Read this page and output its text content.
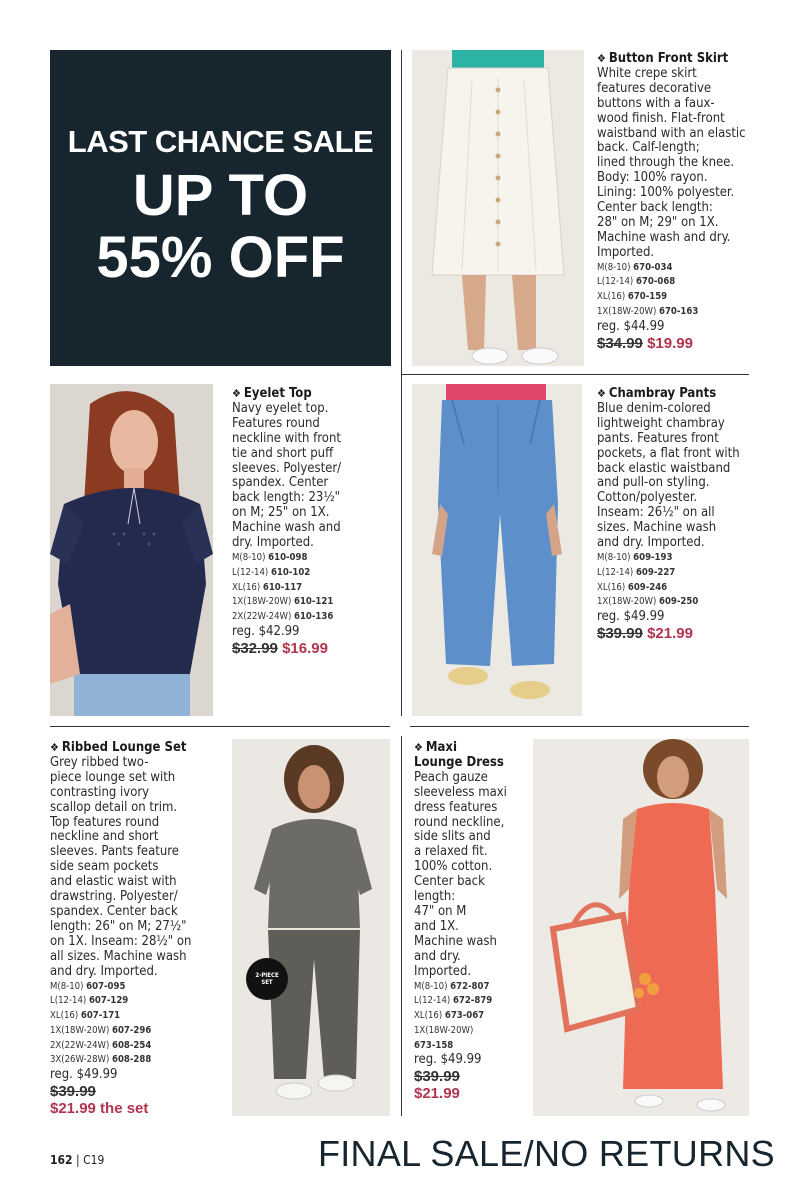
LAST CHANCE SALE
UP TO
55% OFF
❖ Button Front Skirt
White crepe skirt
features decorative
buttons with a faux-
wood finish. Flat-front
waistband with an elastic
back. Calf-length;
lined through the knee.
Body: 100% rayon.
Lining: 100% polyester.
Center back length:
28" on M; 29" on 1X.
Machine wash and dry.
Imported.
M(8-10) 670-034
L(12-14) 670-068
XL(16) 670-159
1X(18W-20W) 670-163
reg. $44.99
$34.99 $19.99
❖ Eyelet Top
Navy eyelet top.
Features round
neckline with front
tie and short puff
sleeves. Polyester/
spandex. Center
back length: 23½"
on M; 25" on 1X.
Machine wash and
dry. Imported.
M(8-10) 610-098
L(12-14) 610-102
XL(16) 610-117
1X(18W-20W) 610-121
2X(22W-24W) 610-136
reg. $42.99
$32.99 $16.99
❖ Chambray Pants
Blue denim-colored
lightweight chambray
pants. Features front
pockets, a flat front with
back elastic waistband
and pull-on styling.
Cotton/polyester.
Inseam: 26½" on all
sizes. Machine wash
and dry. Imported.
M(8-10) 609-193
L(12-14) 609-227
XL(16) 609-246
1X(18W-20W) 609-250
reg. $49.99
$39.99 $21.99
❖ Ribbed Lounge Set
Grey ribbed two-
piece lounge set with
contrasting ivory
scallop detail on trim.
Top features round
neckline and short
sleeves. Pants feature
side seam pockets
and elastic waist with
drawstring. Polyester/
spandex. Center back
length: 26" on M; 27½"
on 1X. Inseam: 28½" on
all sizes. Machine wash
and dry. Imported.
M(8-10) 607-095
L(12-14) 607-129
XL(16) 607-171
1X(18W-20W) 607-296
2X(22W-24W) 608-254
3X(26W-28W) 608-288
reg. $49.99
$39.99
$21.99 the set
2-PIECE
SET
❖ Maxi
Lounge Dress
Peach gauze
sleeveless maxi
dress features
round neckline,
side slits and
a relaxed fit.
100% cotton.
Center back
length:
47" on M
and 1X.
Machine wash
and dry.
Imported.
M(8-10) 672-807
L(12-14) 672-879
XL(16) 673-067
1X(18W-20W)
673-158
reg. $49.99
$39.99
$21.99
162 | C19	FINAL SALE/NO RETURNS
